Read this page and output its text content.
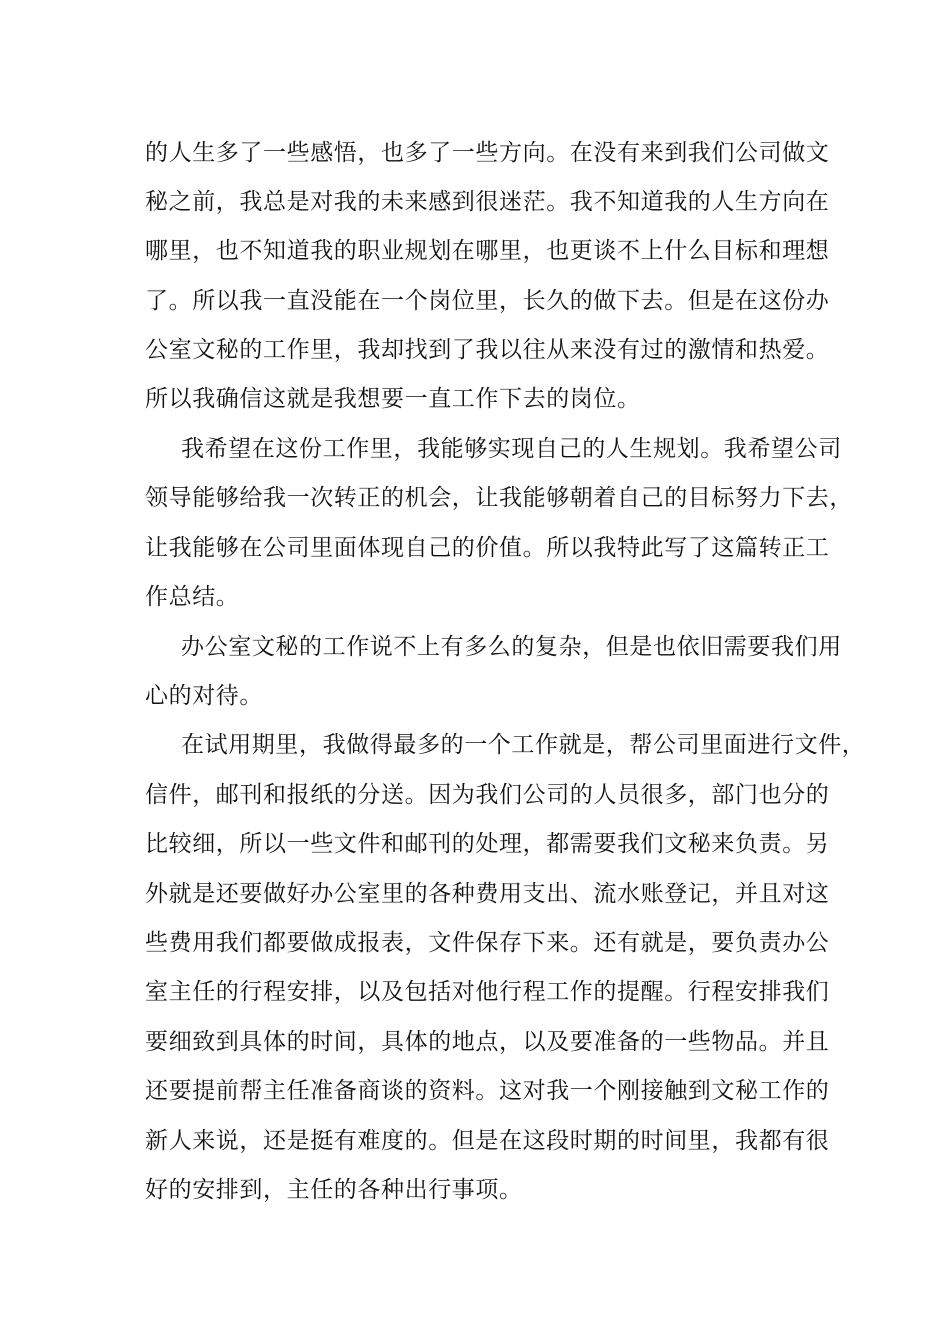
的人生多了一些感悟，也多了一些方向。在没有来到我们公司做文
秘之前，我总是对我的未来感到很迷茫。我不知道我的人生方向在
哪里，也不知道我的职业规划在哪里，也更谈不上什么目标和理想
了。所以我一直没能在一个岗位里，长久的做下去。但是在这份办
公室文秘的工作里，我却找到了我以往从来没有过的激情和热爱。
所以我确信这就是我想要一直工作下去的岗位。
我希望在这份工作里，我能够实现自己的人生规划。我希望公司
领导能够给我一次转正的机会，让我能够朝着自己的目标努力下去，
让我能够在公司里面体现自己的价值。所以我特此写了这篇转正工
作总结。
办公室文秘的工作说不上有多么的复杂，但是也依旧需要我们用
心的对待。
在试用期里，我做得最多的一个工作就是，帮公司里面进行文件，
信件，邮刊和报纸的分送。因为我们公司的人员很多，部门也分的
比较细，所以一些文件和邮刊的处理，都需要我们文秘来负责。另
外就是还要做好办公室里的各种费用支出、流水账登记，并且对这
些费用我们都要做成报表，文件保存下来。还有就是，要负责办公
室主任的行程安排，以及包括对他行程工作的提醒。行程安排我们
要细致到具体的时间，具体的地点，以及要准备的一些物品。并且
还要提前帮主任准备商谈的资料。这对我一个刚接触到文秘工作的
新人来说，还是挺有难度的。但是在这段时期的时间里，我都有很
好的安排到，主任的各种出行事项。
